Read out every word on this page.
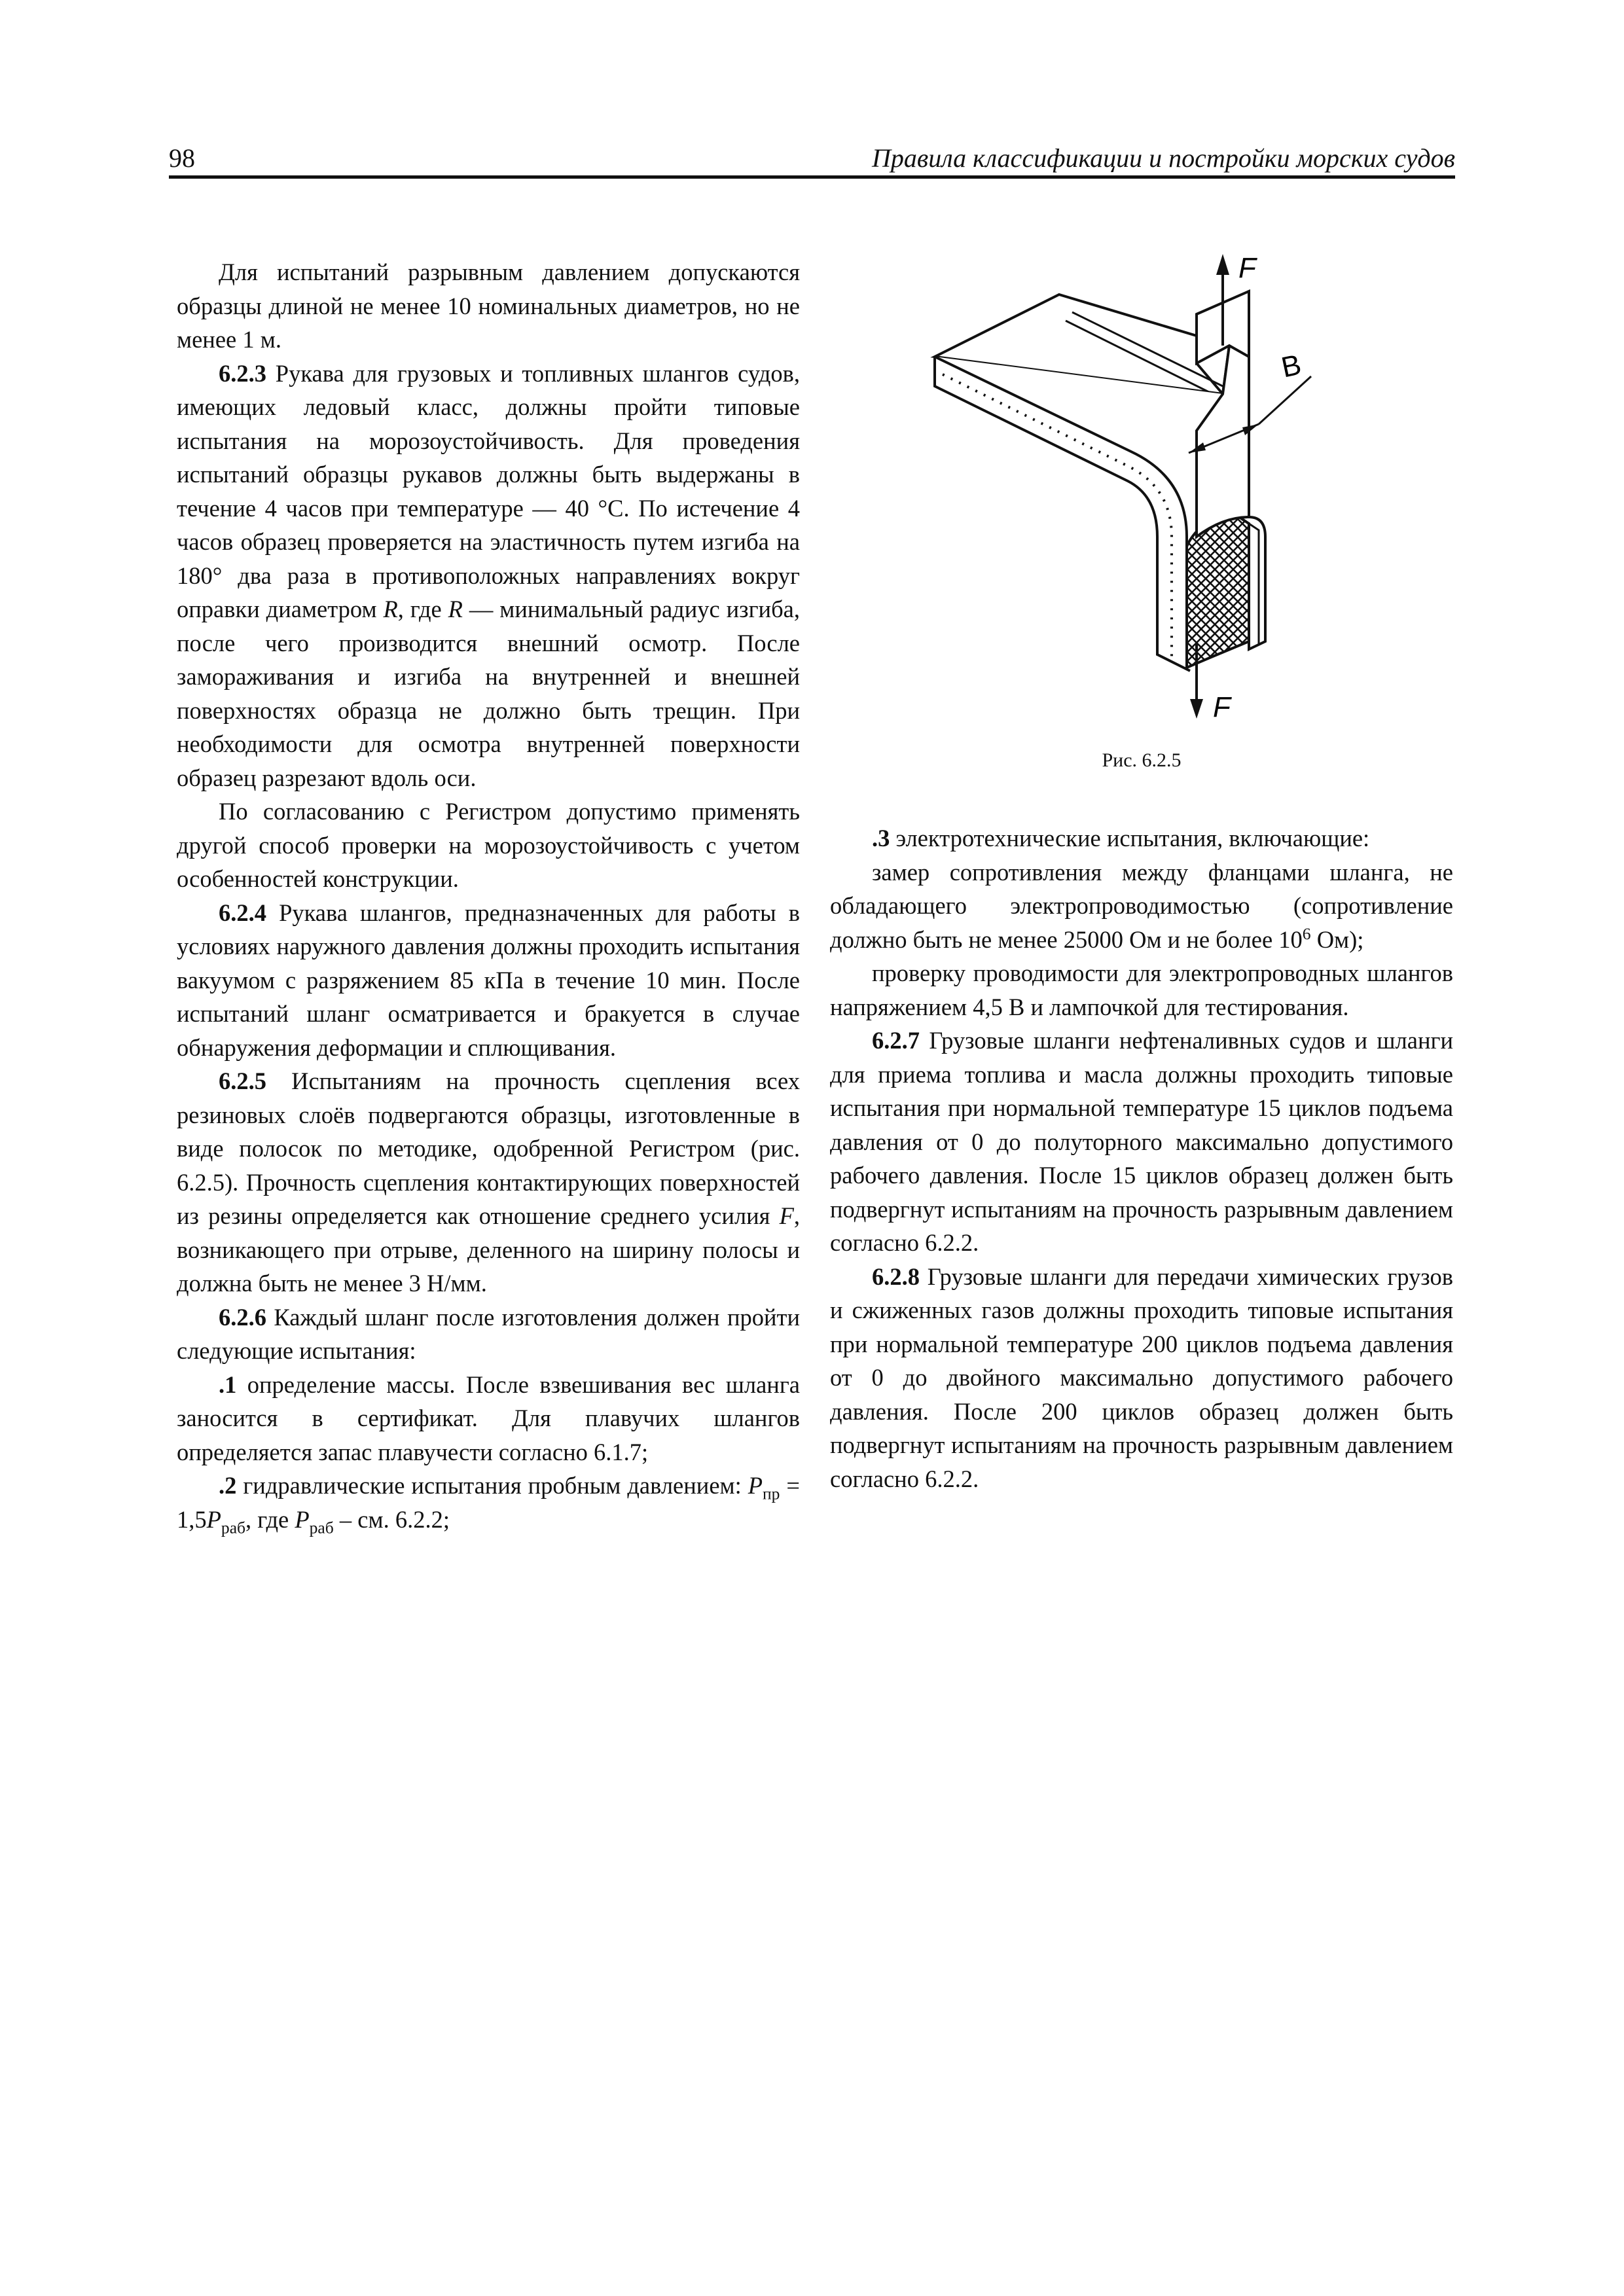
98	Правила классификации и постройки морских судов

Для испытаний разрывным давлением допускаются образцы длиной не менее 10 номинальных диаметров, но не менее 1 м.

6.2.3 Рукава для грузовых и топливных шлангов судов, имеющих ледовый класс, должны пройти типовые испытания на морозоустойчивость. Для проведения испытаний образцы рукавов должны быть выдержаны в течение 4 часов при температуре — 40 °С. По истечение 4 часов образец проверяется на эластичность путем изгиба на 180° два раза в противоположных направлениях вокруг оправки диаметром R, где R — минимальный радиус изгиба, после чего производится внешний осмотр. После замораживания и изгиба на внутренней и внешней поверхностях образца не должно быть трещин. При необходимости для осмотра внутренней поверхности образец разрезают вдоль оси.

По согласованию с Регистром допустимо применять другой способ проверки на морозоустойчивость с учетом особенностей конструкции.

6.2.4 Рукава шлангов, предназначенных для работы в условиях наружного давления должны проходить испытания вакуумом с разряжением 85 кПа в течение 10 мин. После испытаний шланг осматривается и бракуется в случае обнаружения деформации и сплющивания.

6.2.5 Испытаниям на прочность сцепления всех резиновых слоёв подвергаются образцы, изготовленные в виде полосок по методике, одобренной Регистром (рис. 6.2.5). Прочность сцепления контактирующих поверхностей из резины определяется как отношение среднего усилия F, возникающего при отрыве, деленного на ширину полосы и должна быть не менее 3 Н/мм.

6.2.6 Каждый шланг после изготовления должен пройти следующие испытания:

.1 определение массы. После взвешивания вес шланга заносится в сертификат. Для плавучих шлангов определяется запас плавучести согласно 6.1.7;

.2 гидравлические испытания пробным давлением: $P_{пр} = 1,5P_{раб}$, где $P_{раб}$ – см. 6.2.2;

F
B
F
Рис. 6.2.5

.3 электротехнические испытания, включающие:

замер сопротивления между фланцами шланга, не обладающего электропроводимостью (сопротивление должно быть не менее 25000 Ом и не более $10^6$ Ом);

проверку проводимости для электропроводных шлангов напряжением 4,5 В и лампочкой для тестирования.

6.2.7 Грузовые шланги нефтеналивных судов и шланги для приема топлива и масла должны проходить типовые испытания при нормальной температуре 15 циклов подъема давления от 0 до полуторного максимально допустимого рабочего давления. После 15 циклов образец должен быть подвергнут испытаниям на прочность разрывным давлением согласно 6.2.2.

6.2.8 Грузовые шланги для передачи химических грузов и сжиженных газов должны проходить типовые испытания при нормальной температуре 200 циклов подъема давления от 0 до двойного максимально допустимого рабочего давления. После 200 циклов образец должен быть подвергнут испытаниям на прочность разрывным давлением согласно 6.2.2.
